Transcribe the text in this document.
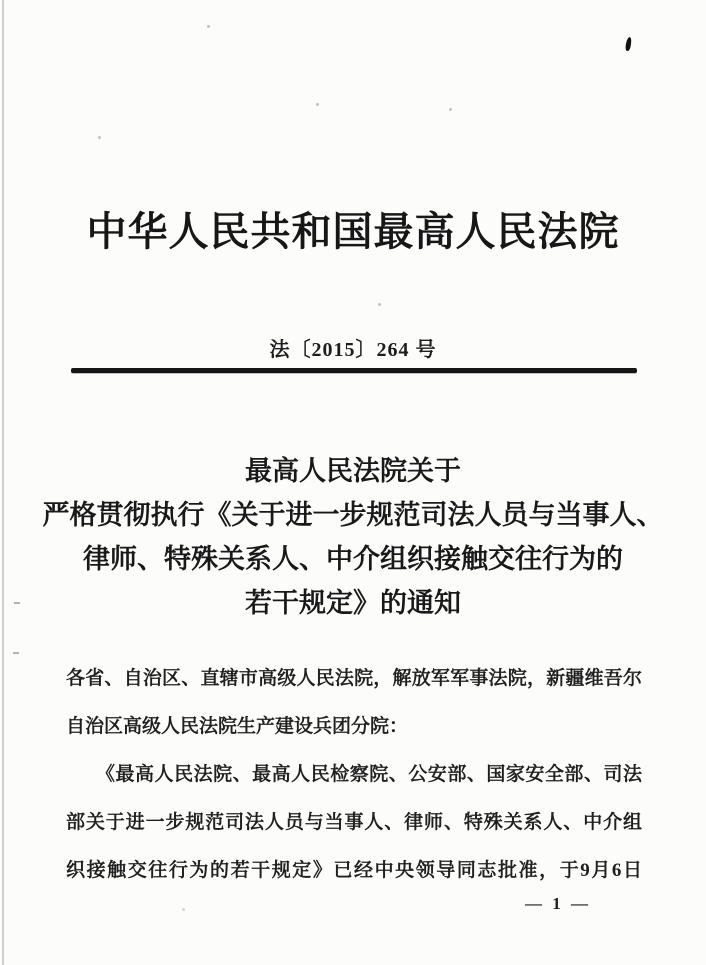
中华人民共和国最高人民法院
法〔2015〕264 号
最高人民法院关于
严格贯彻执行《关于进一步规范司法人员与当事人、
律师、特殊关系人、中介组织接触交往行为的
若干规定》的通知
各省、自治区、直辖市高级人民法院，解放军军事法院，新疆维吾尔
自治区高级人民法院生产建设兵团分院：
《最高人民法院、最高人民检察院、公安部、国家安全部、司法
部关于进一步规范司法人员与当事人、律师、特殊关系人、中介组
织接触交往行为的若干规定》已经中央领导同志批准，于9月6日
— 1 —
